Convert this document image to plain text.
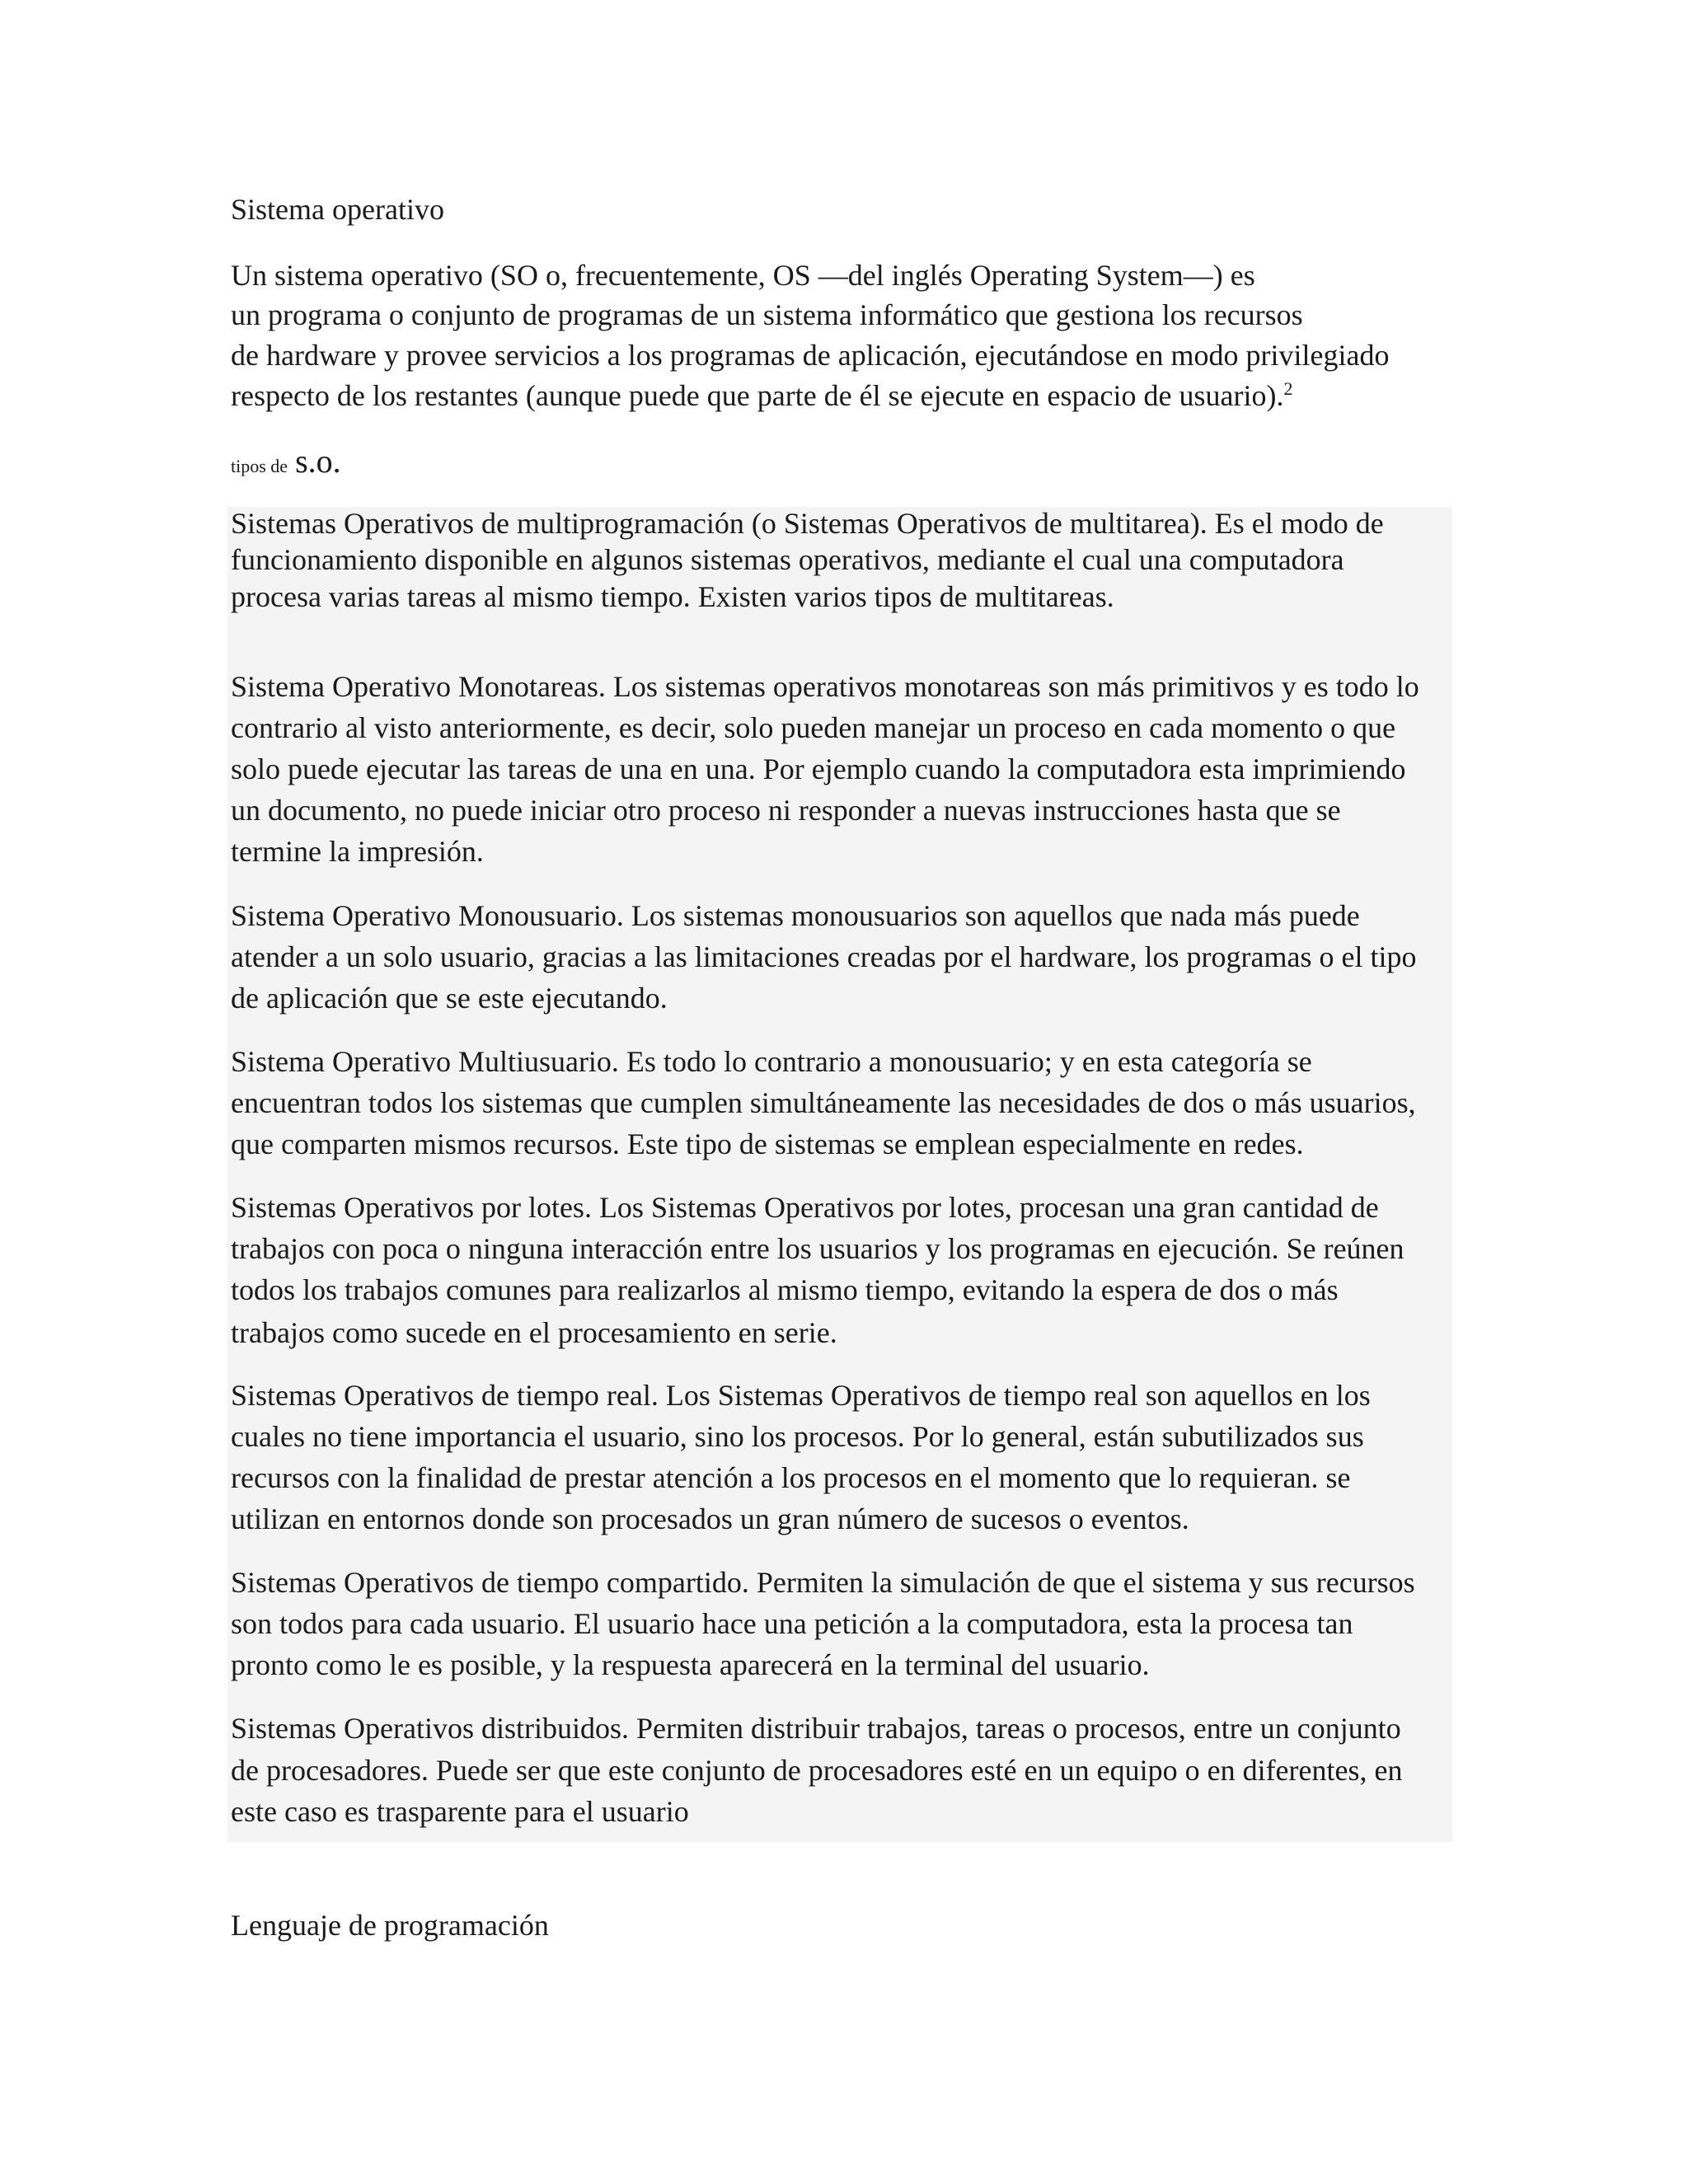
Sistema operativo
Un sistema operativo (SO o, frecuentemente, OS —del inglés Operating System—) es
un programa o conjunto de programas de un sistema informático que gestiona los recursos
de hardware y provee servicios a los programas de aplicación, ejecutándose en modo privilegiado
respecto de los restantes (aunque puede que parte de él se ejecute en espacio de usuario).$^2$
tipos de s.o.
Sistemas Operativos de multiprogramación (o Sistemas Operativos de multitarea). Es el modo de
funcionamiento disponible en algunos sistemas operativos, mediante el cual una computadora
procesa varias tareas al mismo tiempo. Existen varios tipos de multitareas.
Sistema Operativo Monotareas. Los sistemas operativos monotareas son más primitivos y es todo lo
contrario al visto anteriormente, es decir, solo pueden manejar un proceso en cada momento o que
solo puede ejecutar las tareas de una en una. Por ejemplo cuando la computadora esta imprimiendo
un documento, no puede iniciar otro proceso ni responder a nuevas instrucciones hasta que se
termine la impresión.
Sistema Operativo Monousuario. Los sistemas monousuarios son aquellos que nada más puede
atender a un solo usuario, gracias a las limitaciones creadas por el hardware, los programas o el tipo
de aplicación que se este ejecutando.
Sistema Operativo Multiusuario. Es todo lo contrario a monousuario; y en esta categoría se
encuentran todos los sistemas que cumplen simultáneamente las necesidades de dos o más usuarios,
que comparten mismos recursos. Este tipo de sistemas se emplean especialmente en redes.
Sistemas Operativos por lotes. Los Sistemas Operativos por lotes, procesan una gran cantidad de
trabajos con poca o ninguna interacción entre los usuarios y los programas en ejecución. Se reúnen
todos los trabajos comunes para realizarlos al mismo tiempo, evitando la espera de dos o más
trabajos como sucede en el procesamiento en serie.
Sistemas Operativos de tiempo real. Los Sistemas Operativos de tiempo real son aquellos en los
cuales no tiene importancia el usuario, sino los procesos. Por lo general, están subutilizados sus
recursos con la finalidad de prestar atención a los procesos en el momento que lo requieran. se
utilizan en entornos donde son procesados un gran número de sucesos o eventos.
Sistemas Operativos de tiempo compartido. Permiten la simulación de que el sistema y sus recursos
son todos para cada usuario. El usuario hace una petición a la computadora, esta la procesa tan
pronto como le es posible, y la respuesta aparecerá en la terminal del usuario.
Sistemas Operativos distribuidos. Permiten distribuir trabajos, tareas o procesos, entre un conjunto
de procesadores. Puede ser que este conjunto de procesadores esté en un equipo o en diferentes, en
este caso es trasparente para el usuario
Lenguaje de programación
